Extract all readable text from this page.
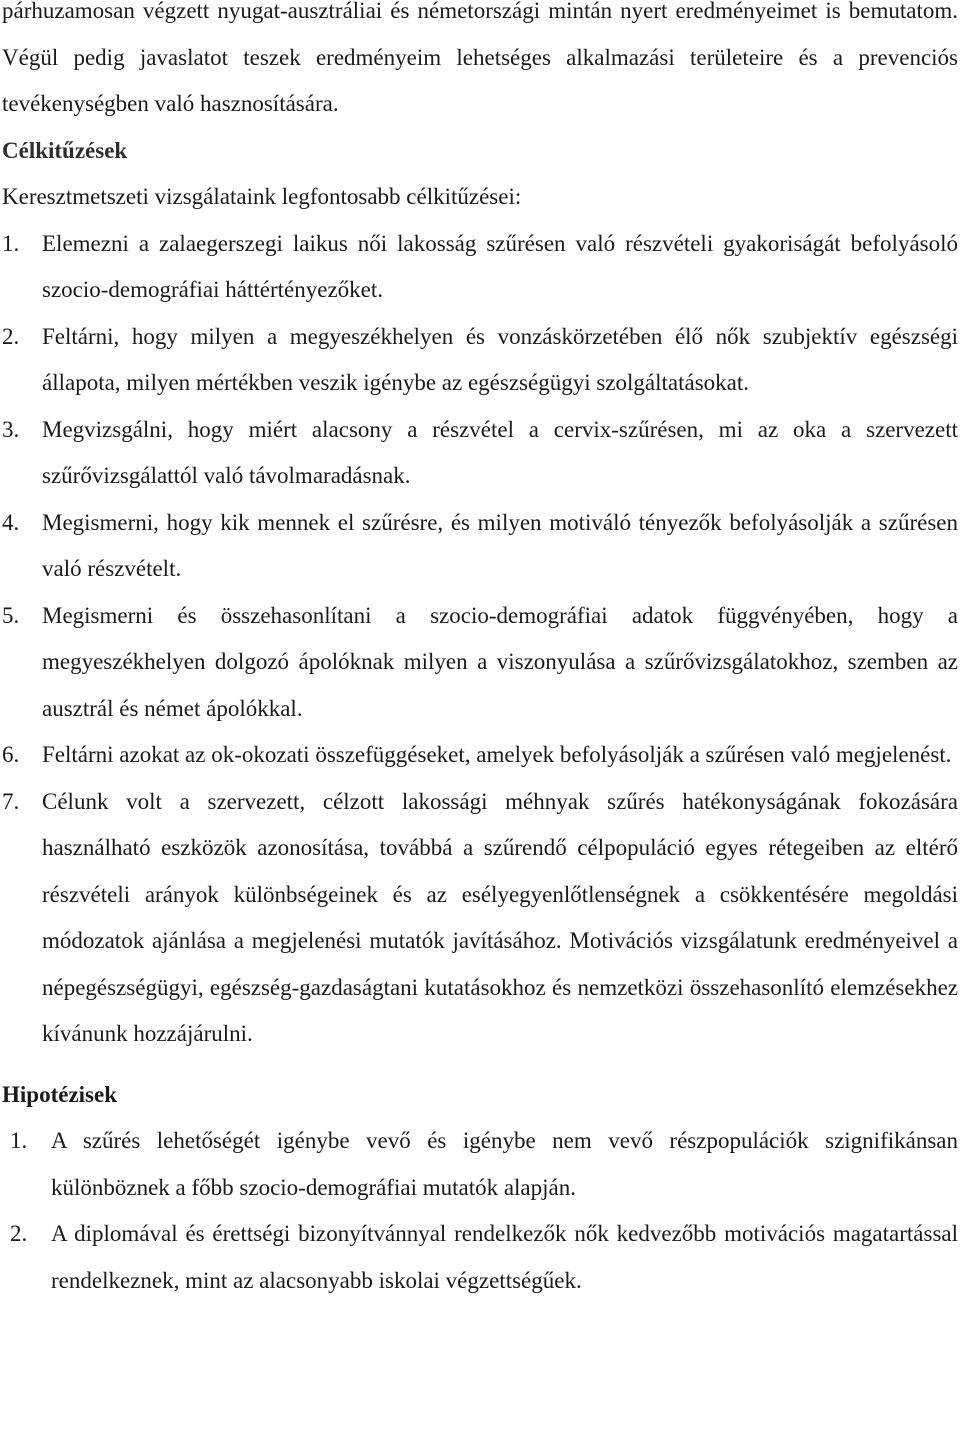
párhuzamosan végzett nyugat-ausztráliai és németországi mintán nyert eredményeimet is bemutatom. Végül pedig javaslatot teszek eredményeim lehetséges alkalmazási területeire és a prevenciós tevékenységben való hasznosítására.

Célkitűzések

Keresztmetszeti vizsgálataink legfontosabb célkitűzései:

1. Elemezni a zalaegerszegi laikus női lakosság szűrésen való részvételi gyakoriságát befolyásoló szocio-demográfiai háttértényezőket.
2. Feltárni, hogy milyen a megyeszékhelyen és vonzáskörzetében élő nők szubjektív egészségi állapota, milyen mértékben veszik igénybe az egészségügyi szolgáltatásokat.
3. Megvizsgálni, hogy miért alacsony a részvétel a cervix-szűrésen, mi az oka a szervezett szűrővizsgálattól való távolmaradásnak.
4. Megismerni, hogy kik mennek el szűrésre, és milyen motiváló tényezők befolyásolják a szűrésen való részvételt.
5. Megismerni és összehasonlítani a szocio-demográfiai adatok függvényében, hogy a megyeszékhelyen dolgozó ápolóknak milyen a viszonyulása a szűrővizsgálatokhoz, szemben az ausztrál és német ápolókkal.
6. Feltárni azokat az ok-okozati összefüggéseket, amelyek befolyásolják a szűrésen való megjelenést.
7. Célunk volt a szervezett, célzott lakossági méhnyak szűrés hatékonyságának fokozására használható eszközök azonosítása, továbbá a szűrendő célpopuláció egyes rétegeiben az eltérő részvételi arányok különbségeinek és az esélyegyenlőtlenségnek a csökkentésére megoldási módozatok ajánlása a megjelenési mutatók javításához. Motivációs vizsgálatunk eredményeivel a népegészségügyi, egészség-gazdaságtani kutatásokhoz és nemzetközi összehasonlító elemzésekhez kívánunk hozzájárulni.
Hipotézisek
1. A szűrés lehetőségét igénybe vevő és igénybe nem vevő részpopulációk szignifikánsan különböznek a főbb szocio-demográfiai mutatók alapján.
2. A diplomával és érettségi bizonyítvánnyal rendelkezők nők kedvezőbb motivációs magatartással rendelkeznek, mint az alacsonyabb iskolai végzettségűek.
